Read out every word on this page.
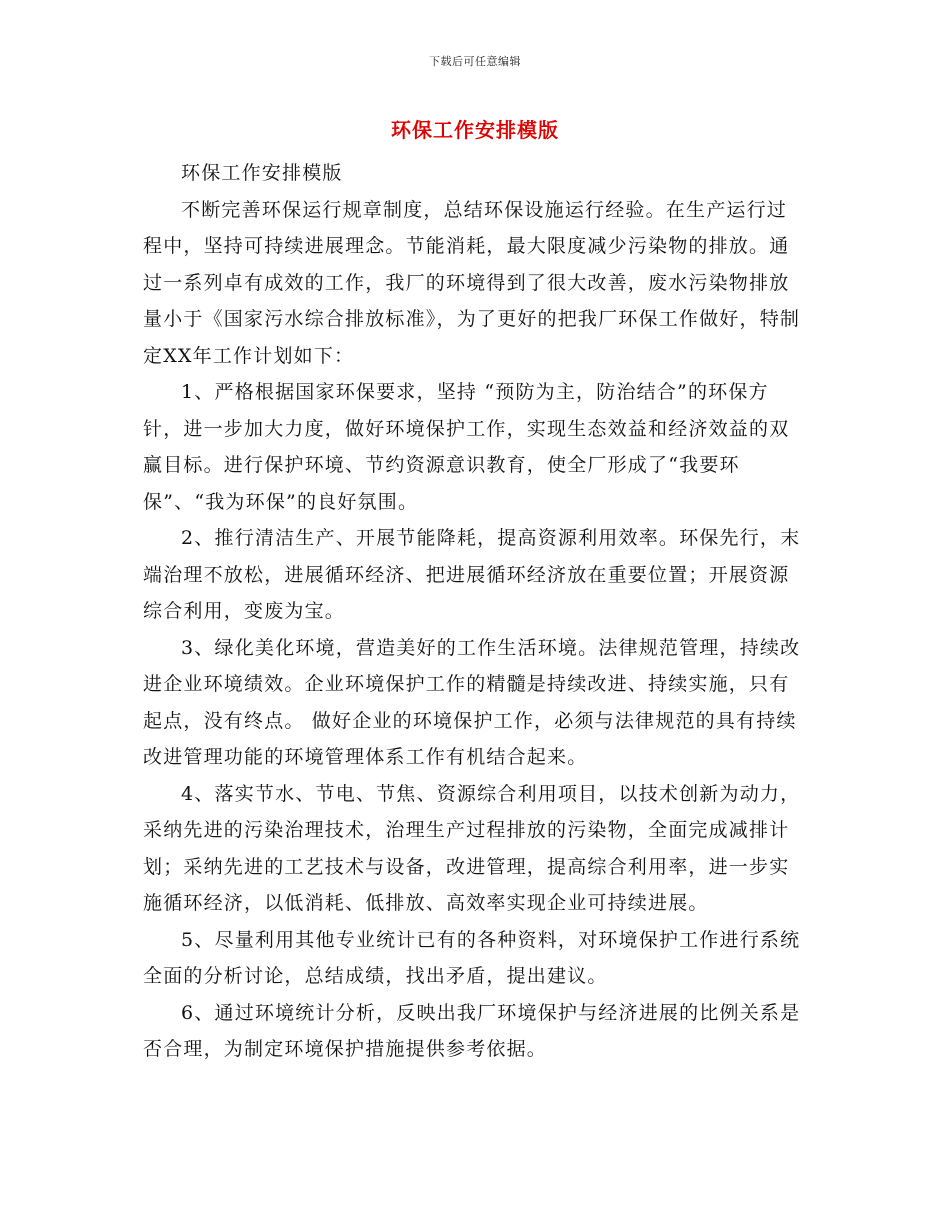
下载后可任意编辑
环保工作安排模版

环保工作安排模版

不断完善环保运行规章制度，总结环保设施运行经验。在生产运行过程中，坚持可持续进展理念。节能消耗，最大限度减少污染物的排放。通过一系列卓有成效的工作，我厂的环境得到了很大改善，废水污染物排放量小于《国家污水综合排放标准》，为了更好的把我厂环保工作做好，特制定XX年工作计划如下：

1、严格根据国家环保要求，坚持 “预防为主，防治结合”的环保方针，进一步加大力度，做好环境保护工作，实现生态效益和经济效益的双赢目标。进行保护环境、节约资源意识教育，使全厂形成了“我要环保”、“我为环保”的良好氛围。

2、推行清洁生产、开展节能降耗，提高资源利用效率。环保先行，末端治理不放松，进展循环经济、把进展循环经济放在重要位置；开展资源综合利用，变废为宝。

3、绿化美化环境，营造美好的工作生活环境。法律规范管理，持续改进企业环境绩效。企业环境保护工作的精髓是持续改进、持续实施，只有起点，没有终点。 做好企业的环境保护工作，必须与法律规范的具有持续改进管理功能的环境管理体系工作有机结合起来。

4、落实节水、节电、节焦、资源综合利用项目，以技术创新为动力，采纳先进的污染治理技术，治理生产过程排放的污染物，全面完成减排计划；采纳先进的工艺技术与设备，改进管理，提高综合利用率，进一步实施循环经济，以低消耗、低排放、高效率实现企业可持续进展。

5、尽量利用其他专业统计已有的各种资料，对环境保护工作进行系统全面的分析讨论，总结成绩，找出矛盾，提出建议。

6、通过环境统计分析，反映出我厂环境保护与经济进展的比例关系是否合理，为制定环境保护措施提供参考依据。
